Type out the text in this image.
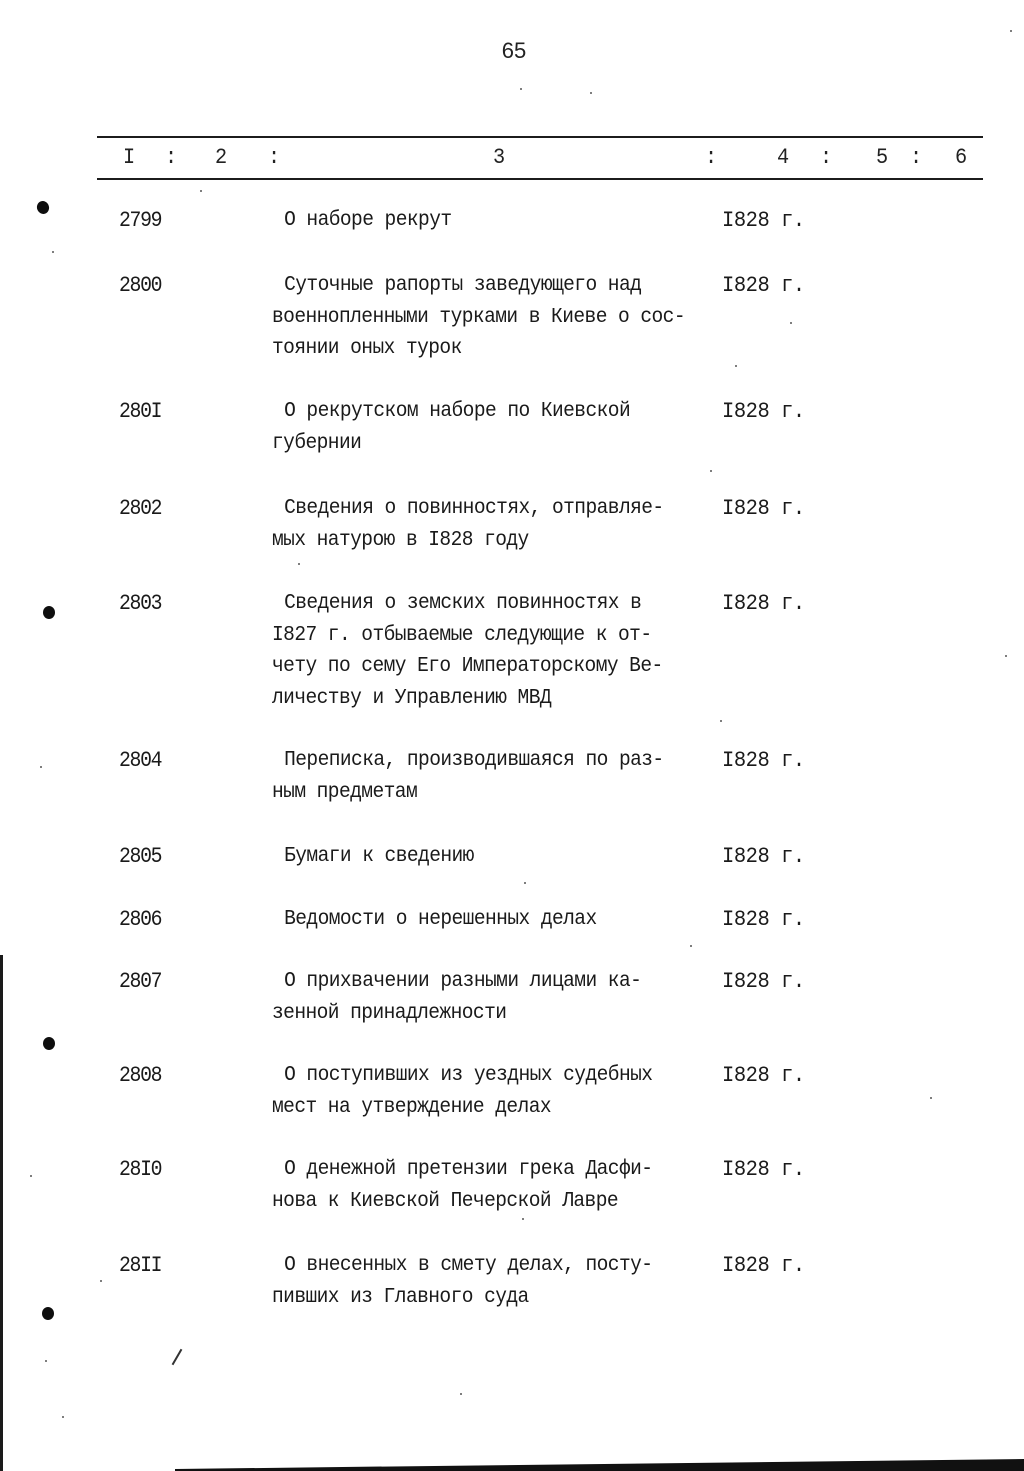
65
I : 2 :	3	:	4 : 5 : 6
2799	О наборе рекрут	I828 г.
2800	Суточные рапорты заведующего над
военнопленными турками в Киеве о сос-
тоянии оных турок
I828 г.
280I	О рекрутском наборе по Киевской
губернии
I828 г.
2802	Сведения о повинностях, отправляе-
мых натурою в I828 году
I828 г.
2803	Сведения о земских повинностях в
I827 г. отбываемые следующие к от-
чету по сему Его Императорскому Ве-
личеству и Управлению МВД
I828 г.
2804	Переписка, производившаяся по раз-
ным предметам
I828 г.
2805	Бумаги к сведению	I828 г.
2806	Ведомости о нерешенных делах	I828 г.
2807	О прихвачении разными лицами ка-
зенной принадлежности
I828 г.
2808	О поступивших из уездных судебных
мест на утверждение делах
I828 г.
28I0	О денежной претензии грека Дасфи-
нова к Киевской Печерской Лавре
I828 г.
28II	О внесенных в смету делах, посту-
пивших из Главного суда
I828 г.
